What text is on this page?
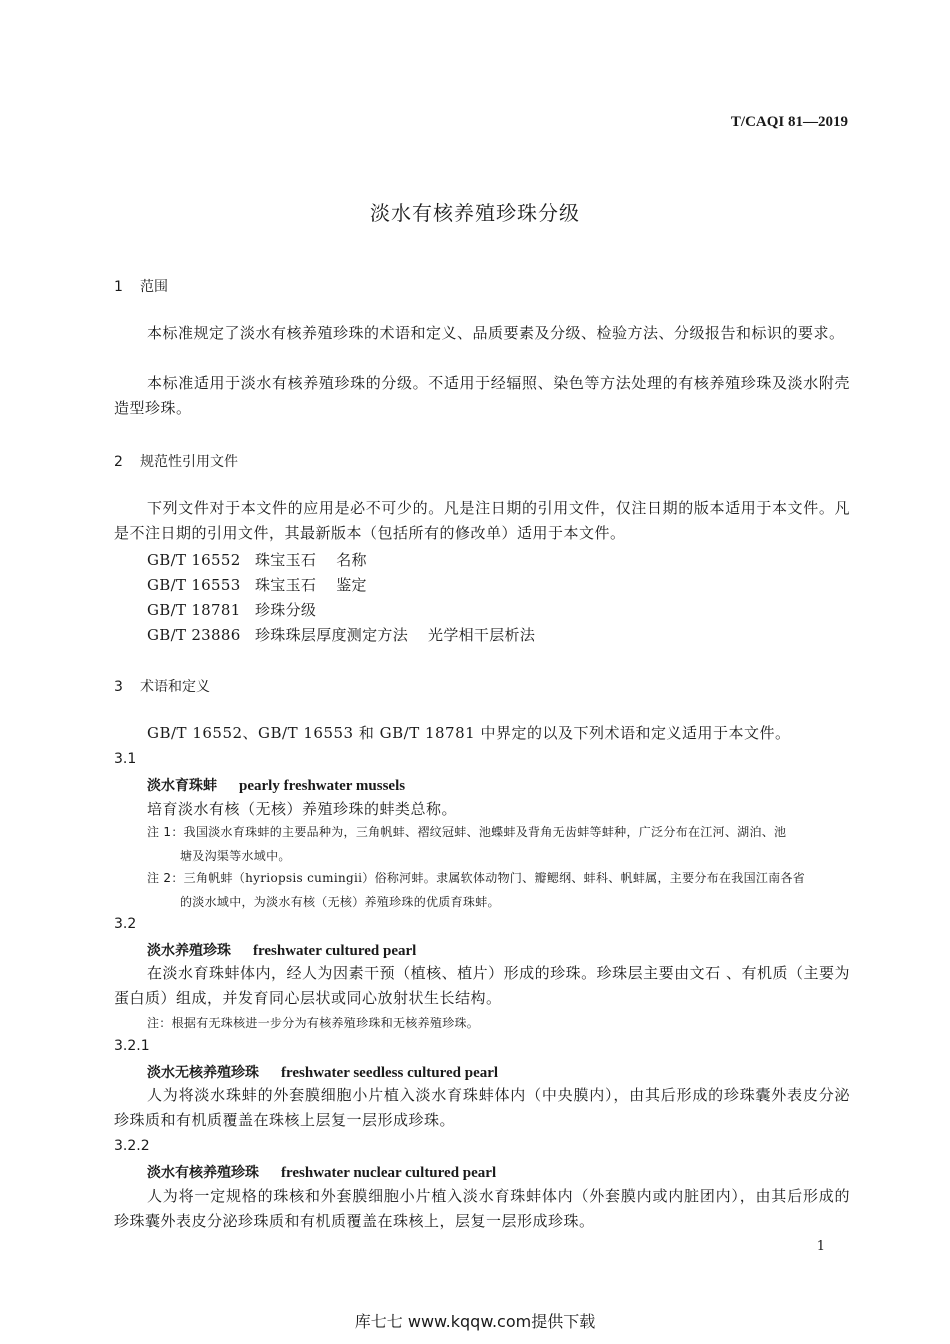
T/CAQI 81—2019
淡水有核养殖珍珠分级
1 范围
本标准规定了淡水有核养殖珍珠的术语和定义、品质要素及分级、检验方法、分级报告和标识的要求。
本标准适用于淡水有核养殖珍珠的分级。不适用于经辐照、染色等方法处理的有核养殖珍珠及淡水附壳造型珍珠。
2 规范性引用文件
下列文件对于本文件的应用是必不可少的。凡是注日期的引用文件，仅注日期的版本适用于本文件。凡是不注日期的引用文件，其最新版本（包括所有的修改单）适用于本文件。
GB/T 16552 珠宝玉石 名称
GB/T 16553 珠宝玉石 鉴定
GB/T 18781 珍珠分级
GB/T 23886 珍珠珠层厚度测定方法 光学相干层析法
3 术语和定义
GB/T 16552、GB/T 16553 和 GB/T 18781 中界定的以及下列术语和定义适用于本文件。
3.1
淡水育珠蚌 pearly freshwater mussels
培育淡水有核（无核）养殖珍珠的蚌类总称。
注 1：我国淡水育珠蚌的主要品种为，三角帆蚌、褶纹冠蚌、池蝶蚌及背角无齿蚌等蚌种，广泛分布在江河、湖泊、池
塘及沟渠等水域中。
注 2：三角帆蚌（hyriopsis cumingii）俗称河蚌。隶属软体动物门、瓣鳃纲、蚌科、帆蚌属，主要分布在我国江南各省
的淡水域中，为淡水有核（无核）养殖珍珠的优质育珠蚌。
3.2
淡水养殖珍珠 freshwater cultured pearl
在淡水育珠蚌体内，经人为因素干预（植核、植片）形成的珍珠。珍珠层主要由文石 、有机质（主要为蛋白质）组成，并发育同心层状或同心放射状生长结构。
注：根据有无珠核进一步分为有核养殖珍珠和无核养殖珍珠。
3.2.1
淡水无核养殖珍珠 freshwater seedless cultured pearl
人为将淡水珠蚌的外套膜细胞小片植入淡水育珠蚌体内（中央膜内），由其后形成的珍珠囊外表皮分泌珍珠质和有机质覆盖在珠核上层复一层形成珍珠。
3.2.2
淡水有核养殖珍珠 freshwater nuclear cultured pearl
人为将一定规格的珠核和外套膜细胞小片植入淡水育珠蚌体内（外套膜内或内脏团内），由其后形成的珍珠囊外表皮分泌珍珠质和有机质覆盖在珠核上，层复一层形成珍珠。
1
库七七 www.kqqw.com提供下载
